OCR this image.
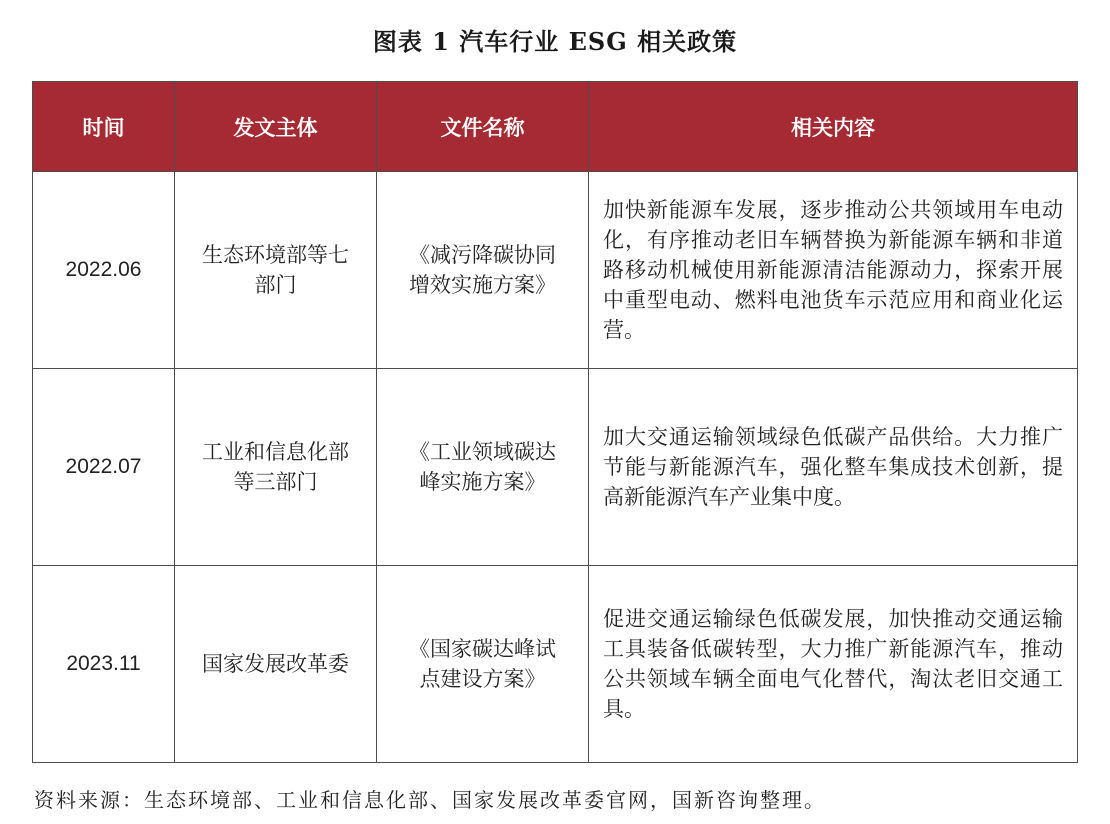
图表 1 汽车行业 ESG 相关政策
时间	发文主体	文件名称	相关内容
2022.06	生态环境部等七部门	《减污降碳协同增效实施方案》	加快新能源车发展，逐步推动公共领域用车电动化，有序推动老旧车辆替换为新能源车辆和非道路移动机械使用新能源清洁能源动力，探索开展中重型电动、燃料电池货车示范应用和商业化运营。
2022.07	工业和信息化部等三部门	《工业领域碳达峰实施方案》	加大交通运输领域绿色低碳产品供给。大力推广节能与新能源汽车，强化整车集成技术创新，提高新能源汽车产业集中度。
2023.11	国家发展改革委	《国家碳达峰试点建设方案》	促进交通运输绿色低碳发展，加快推动交通运输工具装备低碳转型，大力推广新能源汽车，推动公共领域车辆全面电气化替代，淘汰老旧交通工具。
资料来源：生态环境部、工业和信息化部、国家发展改革委官网，国新咨询整理。
